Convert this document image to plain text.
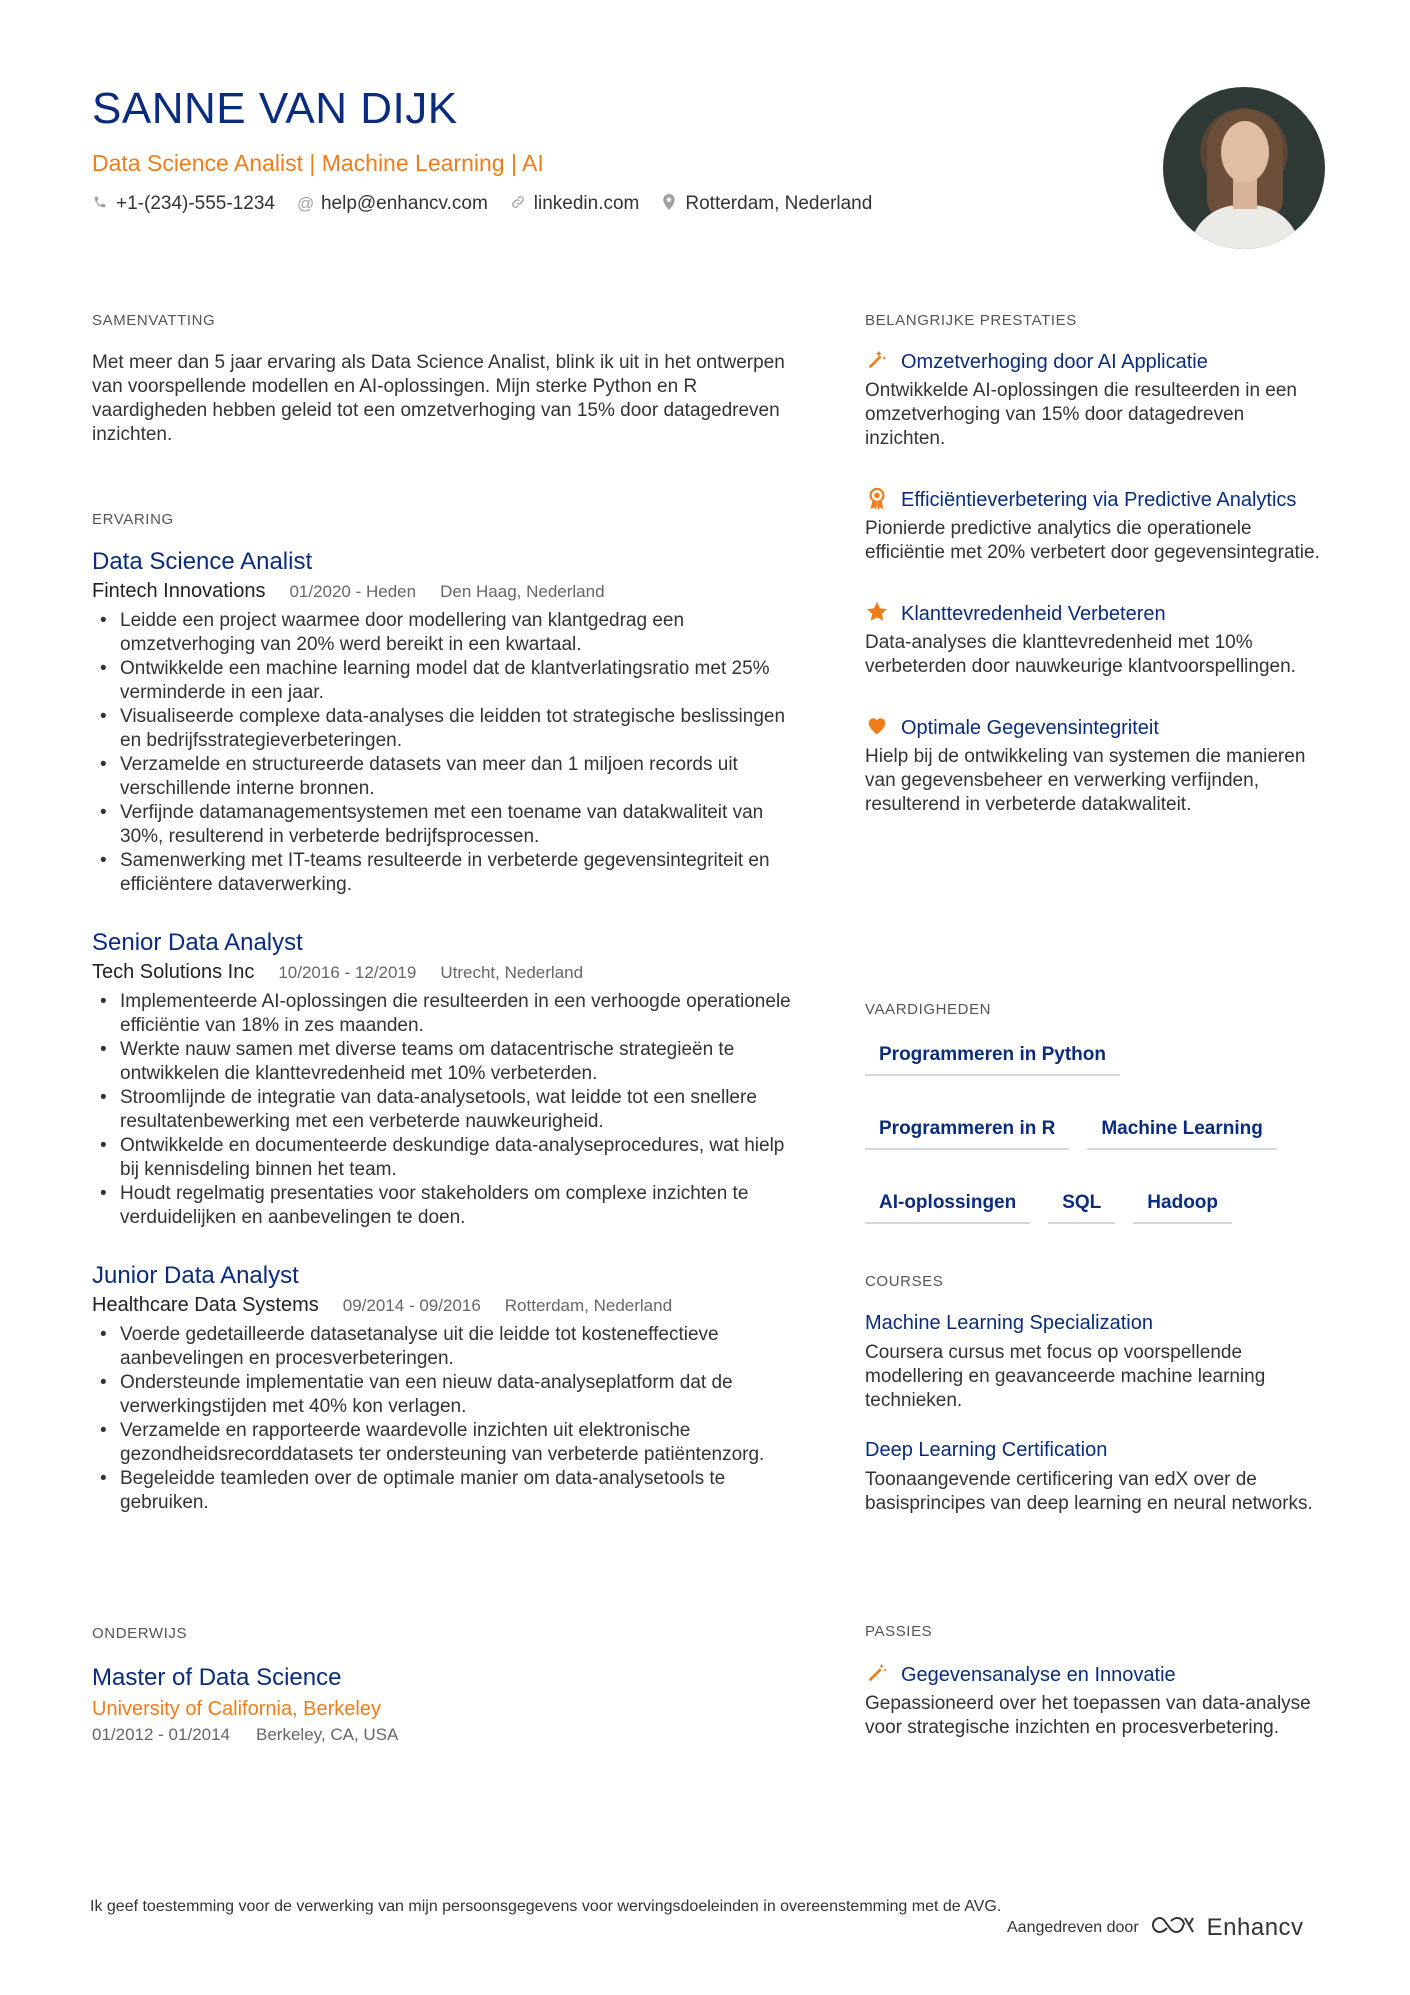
SANNE VAN DIJK
Data Science Analist | Machine Learning | AI
+1-(234)-555-1234 @ help@enhancv.com linkedin.com Rotterdam, Nederland
SAMENVATTING
Met meer dan 5 jaar ervaring als Data Science Analist, blink ik uit in het ontwerpen van voorspellende modellen en AI-oplossingen. Mijn sterke Python en R vaardigheden hebben geleid tot een omzetverhoging van 15% door datagedreven inzichten.
ERVARING
Data Science Analist
Fintech Innovations 01/2020 - Heden Den Haag, Nederland
• Leidde een project waarmee door modellering van klantgedrag een omzetverhoging van 20% werd bereikt in een kwartaal.
• Ontwikkelde een machine learning model dat de klantverlatingsratio met 25% verminderde in een jaar.
• Visualiseerde complexe data-analyses die leidden tot strategische beslissingen en bedrijfsstrategieverbeteringen.
• Verzamelde en structureerde datasets van meer dan 1 miljoen records uit verschillende interne bronnen.
• Verfijnde datamanagementsystemen met een toename van datakwaliteit van 30%, resulterend in verbeterde bedrijfsprocessen.
• Samenwerking met IT-teams resulteerde in verbeterde gegevensintegriteit en efficiëntere dataverwerking.
Senior Data Analyst
Tech Solutions Inc 10/2016 - 12/2019 Utrecht, Nederland
• Implementeerde AI-oplossingen die resulteerden in een verhoogde operationele efficiëntie van 18% in zes maanden.
• Werkte nauw samen met diverse teams om datacentrische strategieën te ontwikkelen die klanttevredenheid met 10% verbeterden.
• Stroomlijnde de integratie van data-analysetools, wat leidde tot een snellere resultatenbewerking met een verbeterde nauwkeurigheid.
• Ontwikkelde en documenteerde deskundige data-analyseprocedures, wat hielp bij kennisdeling binnen het team.
• Houdt regelmatig presentaties voor stakeholders om complexe inzichten te verduidelijken en aanbevelingen te doen.
Junior Data Analyst
Healthcare Data Systems 09/2014 - 09/2016 Rotterdam, Nederland
• Voerde gedetailleerde datasetanalyse uit die leidde tot kosteneffectieve aanbevelingen en procesverbeteringen.
• Ondersteunde implementatie van een nieuw data-analyseplatform dat de verwerkingstijden met 40% kon verlagen.
• Verzamelde en rapporteerde waardevolle inzichten uit elektronische gezondheidsrecorddatasets ter ondersteuning van verbeterde patiëntenzorg.
• Begeleidde teamleden over de optimale manier om data-analysetools te gebruiken.
ONDERWIJS
Master of Data Science
University of California, Berkeley
01/2012 - 01/2014 Berkeley, CA, USA
BELANGRIJKE PRESTATIES
Omzetverhoging door AI Applicatie
Ontwikkelde AI-oplossingen die resulteerden in een omzetverhoging van 15% door datagedreven inzichten.
Efficiëntieverbetering via Predictive Analytics
Pionierde predictive analytics die operationele efficiëntie met 20% verbetert door gegevensintegratie.
Klanttevredenheid Verbeteren
Data-analyses die klanttevredenheid met 10% verbeterden door nauwkeurige klantvoorspellingen.
Optimale Gegevensintegriteit
Hielp bij de ontwikkeling van systemen die manieren van gegevensbeheer en verwerking verfijnden, resulterend in verbeterde datakwaliteit.
VAARDIGHEDEN
Programmeren in Python
Programmeren in R	Machine Learning
AI-oplossingen	SQL	Hadoop
COURSES
Machine Learning Specialization
Coursera cursus met focus op voorspellende modellering en geavanceerde machine learning technieken.
Deep Learning Certification
Toonaangevende certificering van edX over de basisprincipes van deep learning en neural networks.
PASSIES
Gegevensanalyse en Innovatie
Gepassioneerd over het toepassen van data-analyse voor strategische inzichten en procesverbetering.
Ik geef toestemming voor de verwerking van mijn persoonsgegevens voor wervingsdoeleinden in overeenstemming met de AVG.
Aangedreven door	Enhancv
